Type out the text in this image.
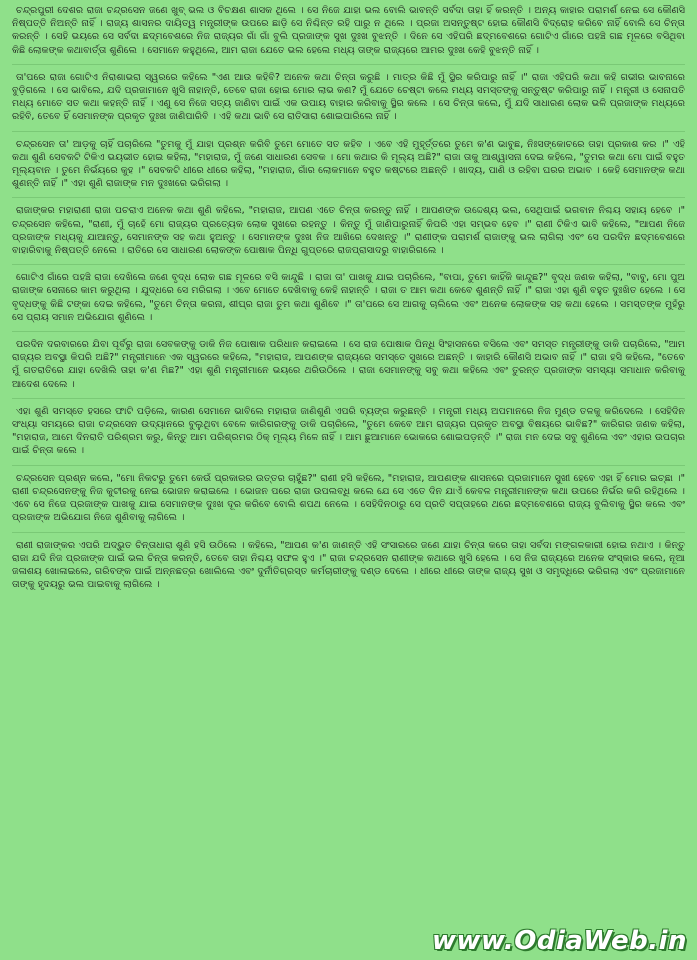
ଚନ୍ଦ୍ରପୁରୀ ଦେଶର ରାଜା ଚନ୍ଦ୍ରସେନ ଜଣେ ଖୁବ୍ ଭଲ ଓ ବିଚକ୍ଷଣ ଶାସକ ଥିଲେ । ସେ ନିଜେ ଯାହା ଭଲ ବୋଲି ଭାବନ୍ତି ସର୍ବଦା ତାହା ହିଁ କରନ୍ତି । ଅନ୍ୟ କାହାର ପରାମର୍ଶ ନେଇ ସେ କୌଣସି ନିଷ୍ପତ୍ତି ନିଅନ୍ତି ନାହିଁ । ରାଜ୍ୟ ଶାସନର ଦାୟିତ୍ୱ ମନ୍ତ୍ରୀଙ୍କ ଉପରେ ଛାଡ଼ି ସେ ନିଶ୍ଚିନ୍ତ ରହି ପାରୁ ନ ଥିଲେ । ପ୍ରଜା ଅସନ୍ତୁଷ୍ଟ ହୋଇ କୌଣସି ବିଦ୍ରୋହ କରିବେ ନାହିଁ ବୋଲି ସେ ଚିନ୍ତା କରନ୍ତି । ସେହି ଭୟରେ ସେ ସର୍ବଦା ଛଦ୍ମବେଶରେ ନିଜ ରାଜ୍ୟର ଗାଁ ଗାଁ ବୁଲି ପ୍ରଜାଙ୍କ ସୁଖ ଦୁଃଖ ବୁଝନ୍ତି । ଦିନେ ସେ ଏହିପରି ଛଦ୍ମବେଶରେ ଗୋଟିଏ ଗାଁରେ ପହଞ୍ଚି ଗଛ ମୂଳରେ ବସିଥିବା କିଛି ଲୋକଙ୍କ କଥାବାର୍ତ୍ତା ଶୁଣିଲେ । ସେମାନେ କହୁଥିଲେ, ଆମ ରାଜା ଯେତେ ଭଲ ହେଲେ ମଧ୍ୟ ତାଙ୍କ ରାଜ୍ୟରେ ଆମର ଦୁଃଖ କେହି ବୁଝନ୍ତି ନାହିଁ ।

ତା'ପରେ ରାଜା ଗୋଟିଏ ନିରାଶାଭରା ସ୍ୱରରେ କହିଲେ "ଏଣ ଆଉ କହିବି? ଅନେକ କଥା ଚିନ୍ତା କରୁଛି । ମାତ୍ର କିଛି ମୁଁ ସ୍ଥିର କରିପାରୁ ନାହିଁ ।" ରାଜା ଏହିପରି କଥା କହି ଗଭୀର ଭାବନାରେ ବୁଡ଼ିଗଲେ । ସେ ଭାବିଲେ, ଯଦି ପ୍ରଜାମାନେ ଖୁସି ନାହାନ୍ତି, ତେବେ ରାଜା ହୋଇ ମୋର ଲାଭ କଣ? ମୁଁ ଯେତେ ଚେଷ୍ଟା କଲେ ମଧ୍ୟ ସମସ୍ତଙ୍କୁ ସନ୍ତୁଷ୍ଟ କରିପାରୁ ନାହିଁ । ମନ୍ତ୍ରୀ ଓ ସେନାପତି ମଧ୍ୟ ମୋତେ ସତ କଥା କହନ୍ତି ନାହିଁ । ଏଣୁ ସେ ନିଜେ ସତ୍ୟ ଜାଣିବା ପାଇଁ ଏକ ଉପାୟ ବାହାର କରିବାକୁ ସ୍ଥିର କଲେ । ସେ ଚିନ୍ତା କଲେ, ମୁଁ ଯଦି ସାଧାରଣ ଲୋକ ଭଳି ପ୍ରଜାଙ୍କ ମଧ୍ୟରେ ରହିବି, ତେବେ ହିଁ ସେମାନଙ୍କ ପ୍ରକୃତ ଦୁଃଖ ଜାଣିପାରିବି । ଏହି କଥା ଭାବି ସେ ରାତିସାରା ଶୋଇପାରିଲେ ନାହିଁ ।

ଚନ୍ଦ୍ରସେନ ତା' ଆଡ଼କୁ ଚାହିଁ ପଚାରିଲେ "ତୁମକୁ ମୁଁ ଯାହା ପ୍ରଶ୍ନ କରିବି ତୁମେ ମୋତେ ସତ କହିବ । ଏବେ ଏହି ମୁହୂର୍ତ୍ତରେ ତୁମେ କ'ଣ ଭାବୁଛ, ନିଃସଙ୍କୋଚରେ ତାହା ପ୍ରକାଶ କର ।" ଏହି କଥା ଶୁଣି ସେବକଟି ଟିକିଏ ଭୟଭୀତ ହୋଇ କହିଲା, "ମହାରାଜ, ମୁଁ ଜଣେ ସାଧାରଣ ସେବକ । ମୋ କଥାର କି ମୂଲ୍ୟ ଅଛି?" ରାଜା ତାକୁ ଆଶ୍ୱାସନା ଦେଇ କହିଲେ, "ତୁମର କଥା ମୋ ପାଇଁ ବହୁତ ମୂଲ୍ୟବାନ । ତୁମେ ନିର୍ଭୟରେ କୁହ ।" ସେବକଟି ଧୀରେ ଧୀରେ କହିଲା, "ମହାରାଜ, ଗାଁର ଲୋକମାନେ ବହୁତ କଷ୍ଟରେ ଅଛନ୍ତି । ଖାଦ୍ୟ, ପାଣି ଓ ରହିବା ଘରର ଅଭାବ । କେହି ସେମାନଙ୍କ କଥା ଶୁଣନ୍ତି ନାହିଁ ।" ଏହା ଶୁଣି ରାଜାଙ୍କ ମନ ଦୁଃଖରେ ଭରିଗଲା ।

ରାଜାଙ୍କର ମହାରାଣୀ ରାଜା ପଚରାଏ ଅନେକ କଥା ଶୁଣି କହିଲେ, "ମହାରାଜ, ଆପଣ ଏତେ ଚିନ୍ତା କରନ୍ତୁ ନାହିଁ । ଆପଣଙ୍କ ଉଦ୍ଦେଶ୍ୟ ଭଲ, ସେଥିପାଇଁ ଭଗବାନ ନିଶ୍ଚୟ ସହାୟ ହେବେ ।" ଚନ୍ଦ୍ରସେନ କହିଲେ, "ରାଣୀ, ମୁଁ ଚାହେଁ ମୋ ରାଜ୍ୟର ପ୍ରତ୍ୟେକ ଲୋକ ସୁଖରେ ରହନ୍ତୁ । କିନ୍ତୁ ମୁଁ ଜାଣିପାରୁନାହିଁ କିପରି ଏହା ସମ୍ଭବ ହେବ ।" ରାଣୀ ଟିକିଏ ଭାବି କହିଲେ, "ଆପଣ ନିଜେ ପ୍ରଜାଙ୍କ ମଧ୍ୟକୁ ଯାଆନ୍ତୁ, ସେମାନଙ୍କ ସହ କଥା ହୁଅନ୍ତୁ । ସେମାନଙ୍କ ଦୁଃଖ ନିଜ ଆଖିରେ ଦେଖନ୍ତୁ ।" ରାଣୀଙ୍କ ପରାମର୍ଶ ରାଜାଙ୍କୁ ଭଲ ଲାଗିଲା ଏବଂ ସେ ପରଦିନ ଛଦ୍ମବେଶରେ ବାହାରିବାକୁ ନିଷ୍ପତ୍ତି ନେଲେ । ରାତିରେ ସେ ସାଧାରଣ ଲୋକଙ୍କ ପୋଷାକ ପିନ୍ଧି ଗୁପ୍ତରେ ରାଜପ୍ରାସାଦରୁ ବାହାରିଗଲେ ।

ଗୋଟିଏ ଗାଁରେ ପହଞ୍ଚି ରାଜା ଦେଖିଲେ ଜଣେ ବୃଦ୍ଧ ଲୋକ ଗଛ ମୂଳରେ ବସି କାନ୍ଦୁଛି । ରାଜା ତା' ପାଖକୁ ଯାଇ ପଚାରିଲେ, "ବାପା, ତୁମେ କାହିଁକି କାନ୍ଦୁଛ?" ବୃଦ୍ଧ ଜଣକ କହିଲା, "ବାବୁ, ମୋ ପୁଅ ରାଜାଙ୍କ ସେନାରେ କାମ କରୁଥିଲା । ଯୁଦ୍ଧରେ ସେ ମରିଗଲା । ଏବେ ମୋତେ ଦେଖିବାକୁ କେହି ନାହାନ୍ତି । ରାଜା ତ ଆମ କଥା କେବେ ଶୁଣନ୍ତି ନାହିଁ ।" ରାଜା ଏହା ଶୁଣି ବହୁତ ଦୁଃଖିତ ହେଲେ । ସେ ବୃଦ୍ଧଙ୍କୁ କିଛି ଟଙ୍କା ଦେଇ କହିଲେ, "ତୁମେ ଚିନ୍ତା କରନା, ଶୀଘ୍ର ରାଜା ତୁମ କଥା ଶୁଣିବେ ।" ତା'ପରେ ସେ ଆଗକୁ ଚାଲିଲେ ଏବଂ ଅନେକ ଲୋକଙ୍କ ସହ କଥା ହେଲେ । ସମସ୍ତଙ୍କ ମୁହଁରୁ ସେ ପ୍ରାୟ ସମାନ ଅଭିଯୋଗ ଶୁଣିଲେ ।

ପରଦିନ ଦରବାରରେ ଯିବା ପୂର୍ବରୁ ରାଜା ସେବକଙ୍କୁ ଡାକି ନିଜ ପୋଷାକ ପରିଧାନ କରାଇଲେ । ସେ ରାଜ ପୋଷାକ ପିନ୍ଧି ସିଂହାସନରେ ବସିଲେ ଏବଂ ସମସ୍ତ ମନ୍ତ୍ରୀଙ୍କୁ ଡାକି ପଚାରିଲେ, "ଆମ ରାଜ୍ୟର ଅବସ୍ଥା କିପରି ଅଛି?" ମନ୍ତ୍ରୀମାନେ ଏକ ସ୍ୱରରେ କହିଲେ, "ମହାରାଜ, ଆପଣଙ୍କ ରାଜ୍ୟରେ ସମସ୍ତେ ସୁଖରେ ଅଛନ୍ତି । କାହାରି କୌଣସି ଅଭାବ ନାହିଁ ।" ରାଜା ହସି କହିଲେ, "ତେବେ ମୁଁ ଗତରାତିରେ ଯାହା ଦେଖିଲି ତାହା କ'ଣ ମିଛ?" ଏହା ଶୁଣି ମନ୍ତ୍ରୀମାନେ ଭୟରେ ଥରିଉଠିଲେ । ରାଜା ସେମାନଙ୍କୁ ସବୁ କଥା କହିଲେ ଏବଂ ତୁରନ୍ତ ପ୍ରଜାଙ୍କ ସମସ୍ୟା ସମାଧାନ କରିବାକୁ ଆଦେଶ ଦେଲେ ।

ଏହା ଶୁଣି ସମସ୍ତେ ହସରେ ଫାଟି ପଡ଼ିଲେ, କାରଣ ସେମାନେ ଭାବିଲେ ମହାରାଜ ଜାଣିଶୁଣି ଏପରି ବ୍ୟଙ୍ଗ କରୁଛନ୍ତି । ମନ୍ତ୍ରୀ ମଧ୍ୟ ଅପମାନରେ ନିଜ ମୁଣ୍ଡ ତଳକୁ କରିଦେଲେ । ସେହିଦିନ ସଂଧ୍ୟା ସମୟରେ ରାଜା ଚନ୍ଦ୍ରସେନ ଉଦ୍ୟାନରେ ବୁଲୁଥିବା ବେଳେ କାରିଗରଙ୍କୁ ଡାକି ପଚାରିଲେ, "ତୁମେ କେବେ ଆମ ରାଜ୍ୟର ପ୍ରକୃତ ଅବସ୍ଥା ବିଷୟରେ ଭାବିଛ?" କାରିଗର ଜଣକ କହିଲା, "ମହାରାଜ, ଆମେ ଦିନରାତି ପରିଶ୍ରମ କରୁ, କିନ୍ତୁ ଆମ ପରିଶ୍ରମର ଠିକ୍ ମୂଲ୍ୟ ମିଳେ ନାହିଁ । ଆମ ଛୁଆମାନେ ଭୋକରେ ଶୋଇପଡ଼ନ୍ତି ।" ରାଜା ମନ ଦେଇ ସବୁ ଶୁଣିଲେ ଏବଂ ଏହାର ଉପଚାର ପାଇଁ ଚିନ୍ତା କଲେ ।

ଚନ୍ଦ୍ରସେନ ପ୍ରଶ୍ନ କଲେ, "ମୋ ନିକଟରୁ ତୁମେ କେଉଁ ପ୍ରକାରର ଉତ୍ତର ଚାହୁଁଛ?" ରାଣୀ ହସି କହିଲେ, "ମହାରାଜ, ଆପଣଙ୍କ ଶାସନରେ ପ୍ରଜାମାନେ ସୁଖୀ ହେବେ ଏହା ହିଁ ମୋର ଇଚ୍ଛା ।" ରାଣୀ ଚନ୍ଦ୍ରସେନଙ୍କୁ ନିଜ କୁଟୀରକୁ ନେଇ ଭୋଜନ କରାଇଲେ । ଭୋଜନ ପରେ ରାଜା ଉପଲବ୍ଧି କଲେ ଯେ ସେ ଏତେ ଦିନ ଯାଏଁ କେବଳ ମନ୍ତ୍ରୀମାନଙ୍କ କଥା ଉପରେ ନିର୍ଭର କରି ରହିଥିଲେ । ଏବେ ସେ ନିଜେ ପ୍ରଜାଙ୍କ ପାଖକୁ ଯାଇ ସେମାନଙ୍କ ଦୁଃଖ ଦୂର କରିବେ ବୋଲି ଶପଥ ନେଲେ । ସେହିଦିନଠାରୁ ସେ ପ୍ରତି ସପ୍ତାହରେ ଥରେ ଛଦ୍ମବେଶରେ ରାଜ୍ୟ ବୁଲିବାକୁ ସ୍ଥିର କଲେ ଏବଂ ପ୍ରଜାଙ୍କ ଅଭିଯୋଗ ନିଜେ ଶୁଣିବାକୁ ଲାଗିଲେ ।

ରାଣୀ ରାଜାଙ୍କର ଏପରି ଅଦ୍ଭୁତ ଚିନ୍ତାଧାରା ଶୁଣି ହସି ଉଠିଲେ । କହିଲେ, "ଆପଣ କ'ଣ ଜାଣନ୍ତି ଏହି ସଂସାରରେ ଜଣେ ଯାହା ଚିନ୍ତା କରେ ତାହା ସର୍ବଦା ମଙ୍ଗଳକାରୀ ହୋଇ ନଥାଏ । କିନ୍ତୁ ରାଜା ଯଦି ନିଜ ପ୍ରଜାଙ୍କ ପାଇଁ ଭଲ ଚିନ୍ତା କରନ୍ତି, ତେବେ ତାହା ନିଶ୍ଚୟ ସଫଳ ହୁଏ ।" ରାଜା ଚନ୍ଦ୍ରସେନ ରାଣୀଙ୍କ କଥାରେ ଖୁସି ହେଲେ । ସେ ନିଜ ରାଜ୍ୟରେ ଅନେକ ସଂସ୍କାର କଲେ, ନୂଆ ଜଳାଶୟ ଖୋଳାଇଲେ, ଗରିବଙ୍କ ପାଇଁ ଅନ୍ନଛତ୍ର ଖୋଲିଲେ ଏବଂ ଦୁର୍ନୀତିଗ୍ରସ୍ତ କର୍ମଚାରୀଙ୍କୁ ଦଣ୍ଡ ଦେଲେ । ଧୀରେ ଧୀରେ ତାଙ୍କ ରାଜ୍ୟ ସୁଖ ଓ ସମୃଦ୍ଧିରେ ଭରିଗଲା ଏବଂ ପ୍ରଜାମାନେ ତାଙ୍କୁ ହୃଦୟରୁ ଭଲ ପାଇବାକୁ ଲାଗିଲେ ।

www.OdiaWeb.in
